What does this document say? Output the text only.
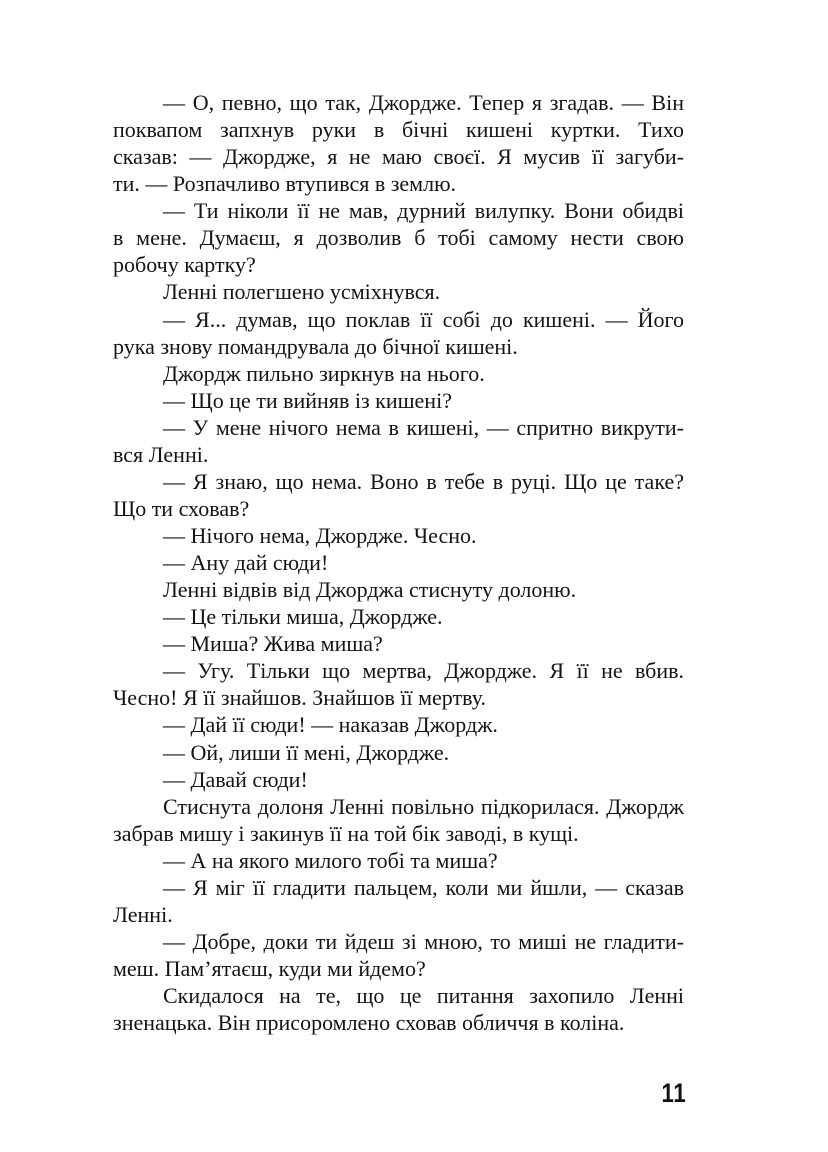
— О, певно, що так, Джордже. Тепер я згадав. — Він
поквапом запхнув руки в бічні кишені куртки. Тихо
сказав: — Джордже, я не маю своєї. Я мусив її загуби-
ти. — Розпачливо втупився в землю.

— Ти ніколи її не мав, дурний вилупку. Вони обидві
в мене. Думаєш, я дозволив б тобі самому нести свою
робочу картку?

Ленні полегшено усміхнувся.

— Я... думав, що поклав її собі до кишені. — Його
рука знову помандрувала до бічної кишені.

Джордж пильно зиркнув на нього.

— Що це ти вийняв із кишені?

— У мене нічого нема в кишені, — спритно викрути-
вся Ленні.

— Я знаю, що нема. Воно в тебе в руці. Що це таке?
Що ти сховав?

— Нічого нема, Джордже. Чесно.

— Ану дай сюди!

Ленні відвів від Джорджа стиснуту долоню.

— Це тільки миша, Джордже.

— Миша? Жива миша?

— Угу. Тільки що мертва, Джордже. Я її не вбив.
Чесно! Я її знайшов. Знайшов її мертву.

— Дай її сюди! — наказав Джордж.

— Ой, лиши її мені, Джордже.

— Давай сюди!

Стиснута долоня Ленні повільно підкорилася. Джордж
забрав мишу і закинув її на той бік заводі, в кущі.

— А на якого милого тобі та миша?

— Я міг її гладити пальцем, коли ми йшли, — сказав
Ленні.

— Добре, доки ти йдеш зі мною, то миші не гладити-
меш. Пам’ятаєш, куди ми йдемо?

Скидалося на те, що це питання захопило Ленні
зненацька. Він присоромлено сховав обличчя в коліна.

11
